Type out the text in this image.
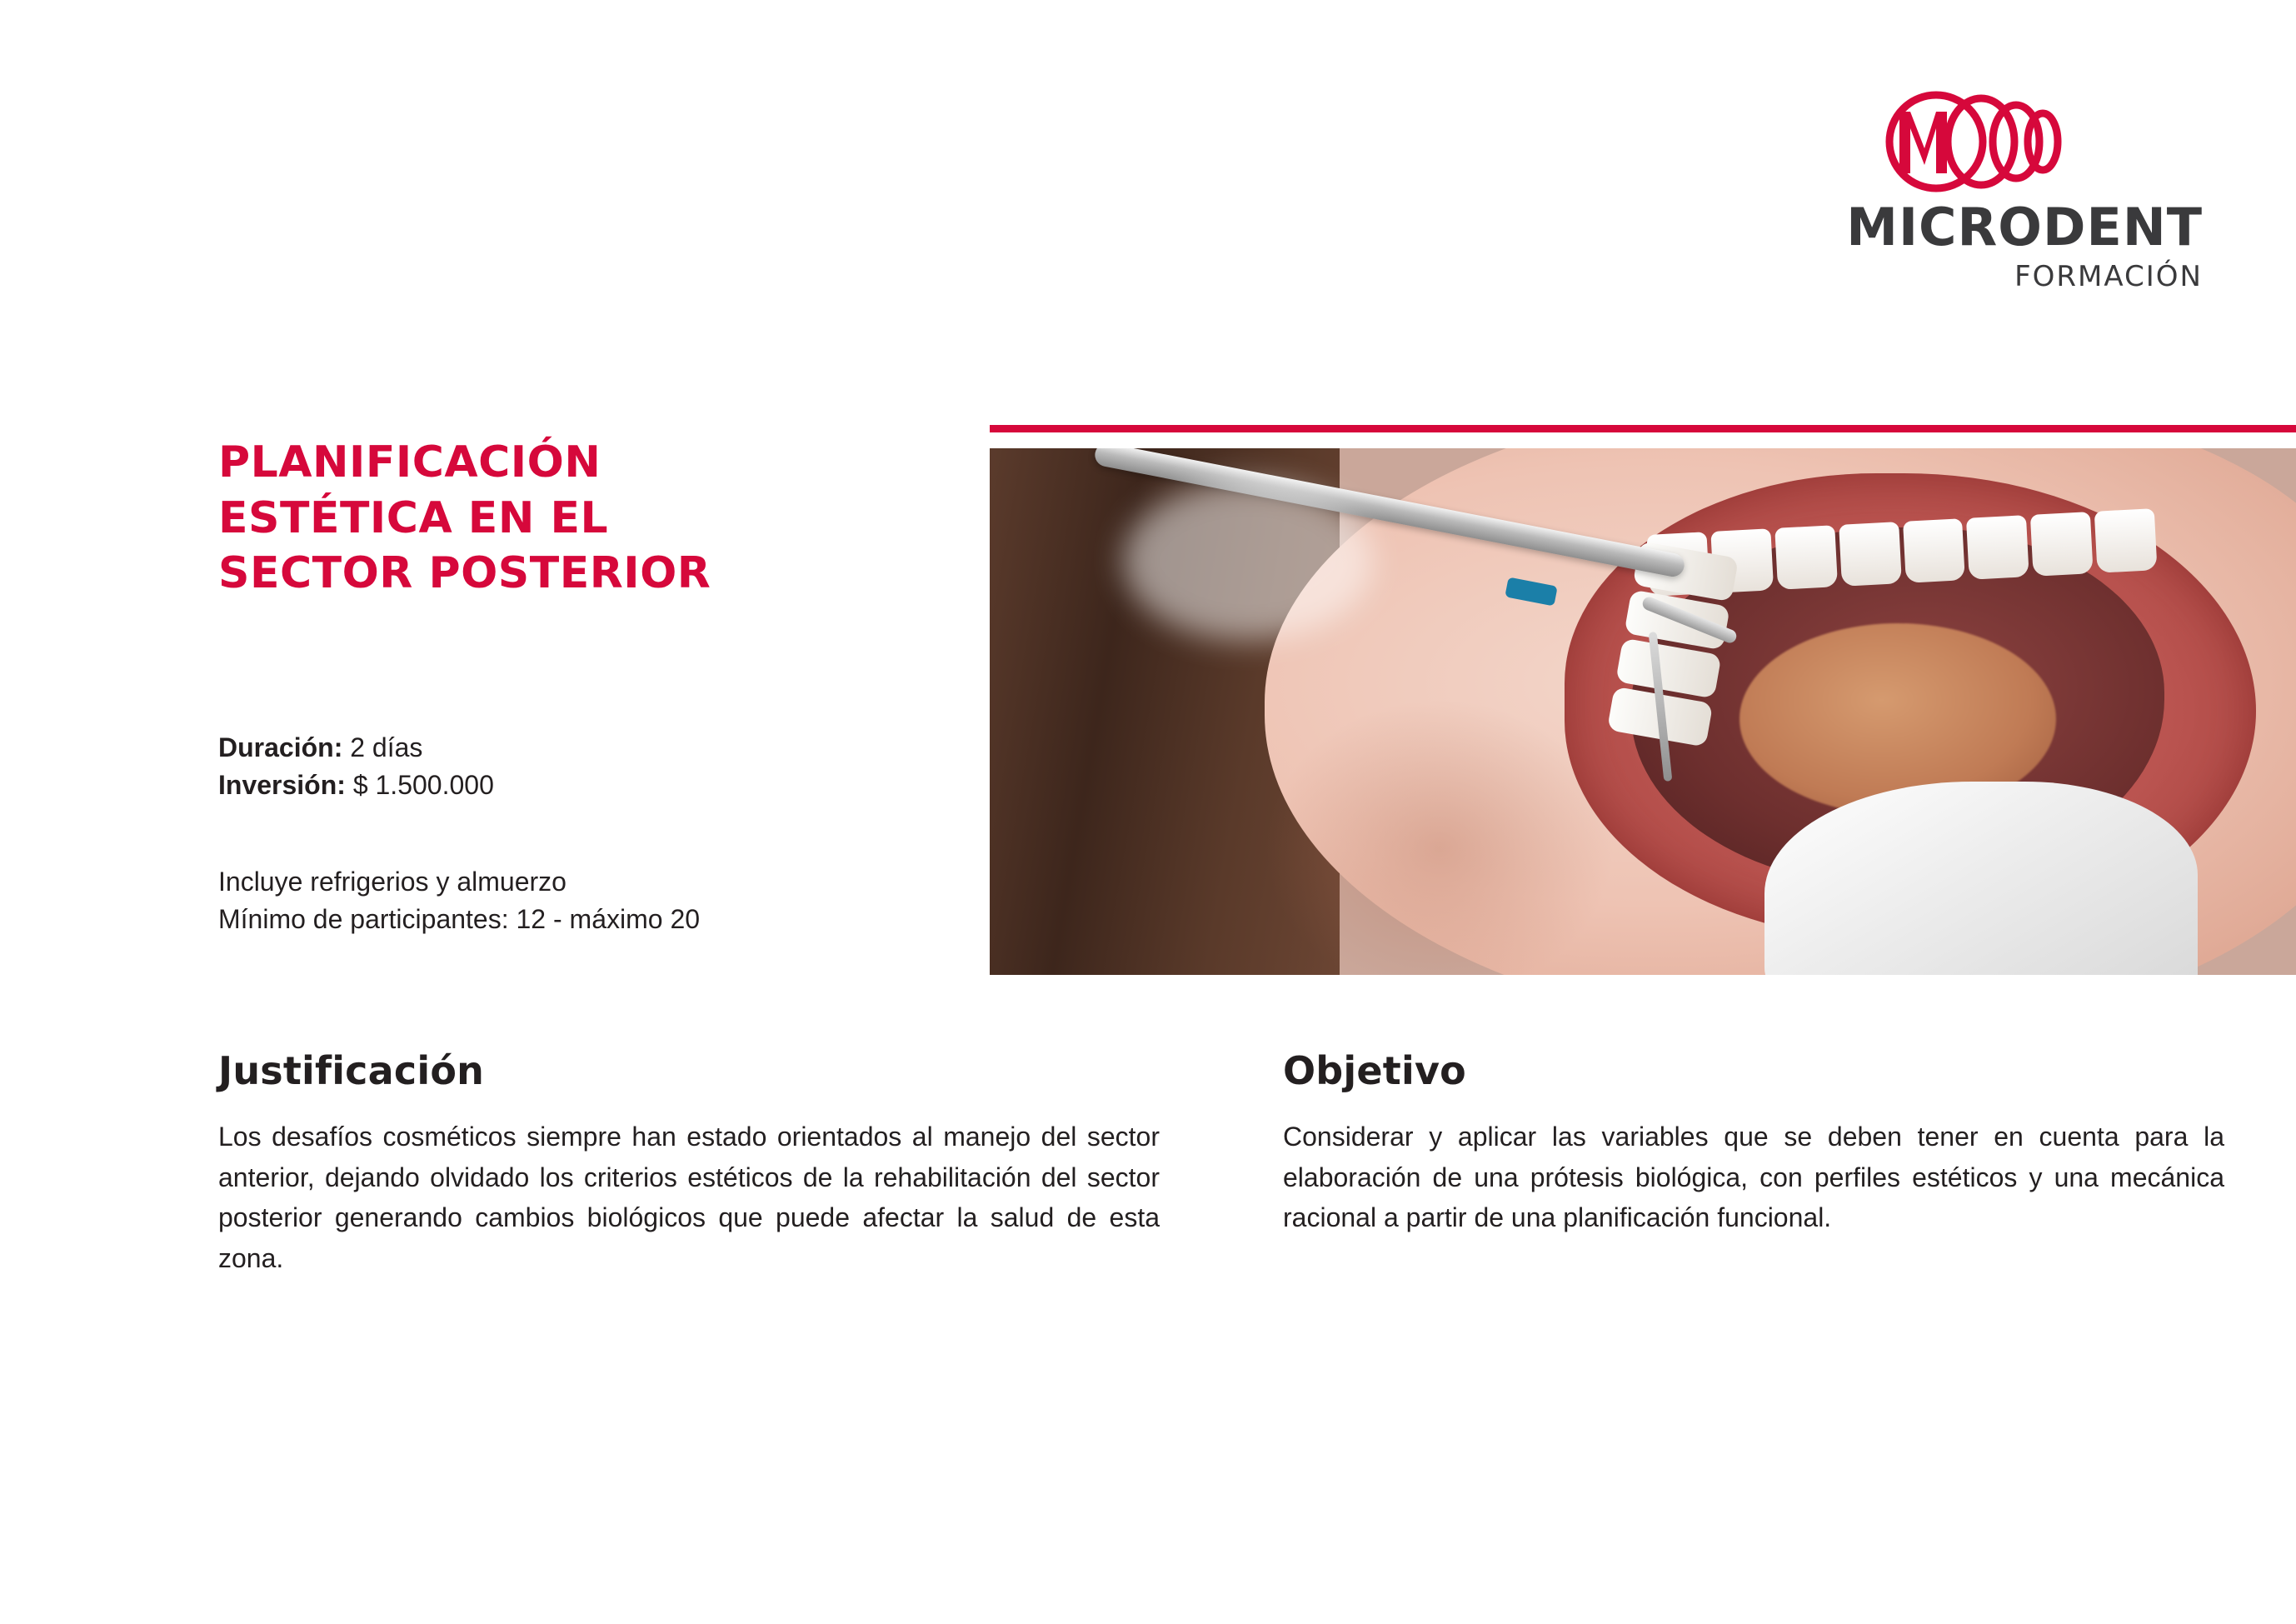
MICRODENT
FORMACIÓN
PLANIFICACIÓN
ESTÉTICA EN EL
SECTOR POSTERIOR
Duración: 2 días
Inversión: $ 1.500.000
Incluye refrigerios y almuerzo
Mínimo de participantes: 12 - máximo 20
Justificación

Los desafíos cosméticos siempre han estado orientados al manejo del sector anterior, dejando olvidado los criterios estéticos de la rehabilitación del sector posterior generando cambios biológicos que puede afectar la salud de esta zona.

Objetivo

Considerar y aplicar las variables que se deben tener en cuenta para la elaboración de una prótesis biológica, con perfiles estéticos y una mecánica racional a partir de una planificación funcional.
